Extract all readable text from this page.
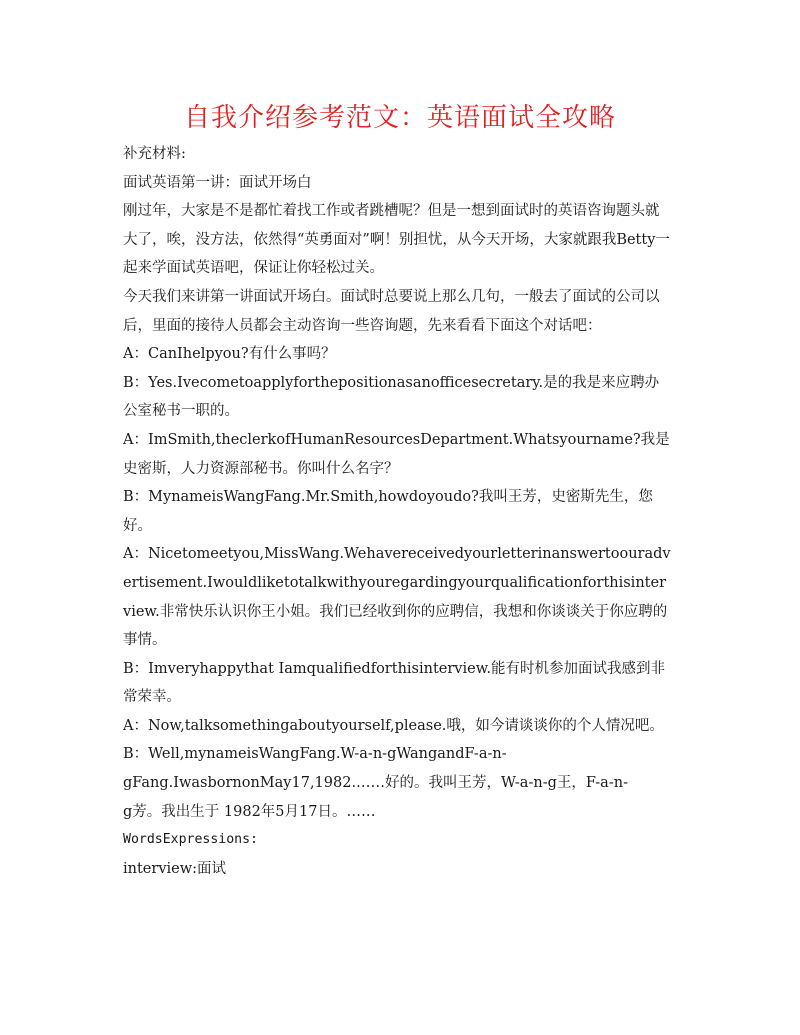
自我介绍参考范文：英语面试全攻略

补充材料:

面试英语第一讲：面试开场白

刚过年，大家是不是都忙着找工作或者跳槽呢？但是一想到面试时的英语咨询题头就大了，唉，没方法，依然得“英勇面对”啊！别担忧，从今天开场，大家就跟我Betty一起来学面试英语吧，保证让你轻松过关。

今天我们来讲第一讲面试开场白。面试时总要说上那么几句，一般去了面试的公司以后，里面的接待人员都会主动咨询一些咨询题，先来看看下面这个对话吧：

A：CanIhelpyou?有什么事吗？

B：Yes.Ivecometoapplyforthepositionasanofficesecretary.是的我是来应聘办公室秘书一职的。

A：ImSmith,theclerkofHumanResourcesDepartment.Whatsyourname?我是史密斯，人力资源部秘书。你叫什么名字？

B：MynameisWangFang.Mr.Smith,howdoyoudo?我叫王芳，史密斯先生，您好。

A：Nicetomeetyou,MissWang.Wehavereceivedyourletterinanswertoouradvertisement.Iwouldliketotalkwithyouregardingyourqualificationforthisinterview.非常快乐认识你王小姐。我们已经收到你的应聘信，我想和你谈谈关于你应聘的事情。

B：Imveryhappythat Iamqualifiedforthisinterview.能有时机参加面试我感到非常荣幸。

A：Now,talksomethingaboutyourself,please.哦，如今请谈谈你的个人情况吧。

B：Well,mynameisWangFang.W-a-n-gWangandF-a-n-

gFang.IwasbornonMay17,1982.……好的。我叫王芳，W-a-n-g王，F-a-n-

g芳。我出生于 1982年5月17日。……

WordsExpressions:

interview:面试
